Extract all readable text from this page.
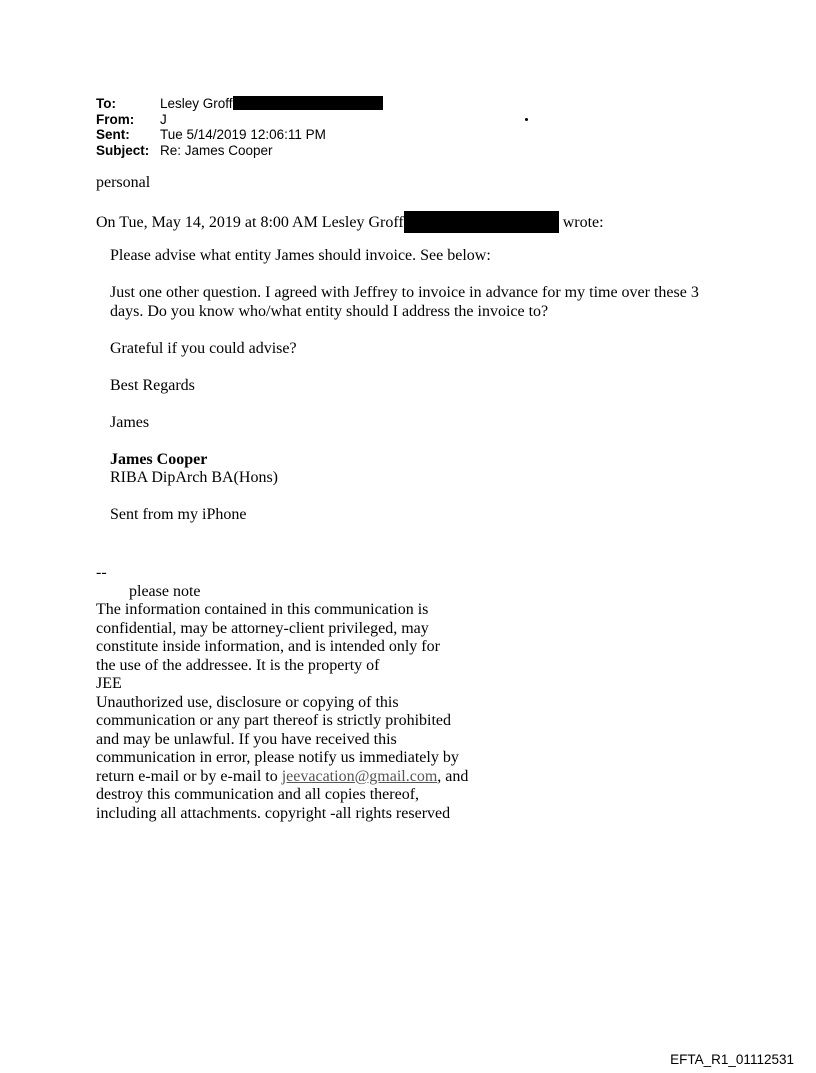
To:	Lesley Groff
From:	J
Sent:	Tue 5/14/2019 12:06:11 PM
Subject: Re: James Cooper
personal
On Tue, May 14, 2019 at 8:00 AM Lesley Groff	wrote:

Please advise what entity James should invoice. See below:

Just one other question. I agreed with Jeffrey to invoice in advance for my time over these 3
days. Do you know who/what entity should I address the invoice to?

Grateful if you could advise?

Best Regards

James

James Cooper
RIBA DipArch BA(Hons)

Sent from my iPhone

--
please note
The information contained in this communication is
confidential, may be attorney-client privileged, may
constitute inside information, and is intended only for
the use of the addressee. It is the property of
JEE
Unauthorized use, disclosure or copying of this
communication or any part thereof is strictly prohibited
and may be unlawful. If you have received this
communication in error, please notify us immediately by
return e-mail or by e-mail to jeevacation@gmail.com, and
destroy this communication and all copies thereof,
including all attachments. copyright -all rights reserved
EFTA_R1_01112531
